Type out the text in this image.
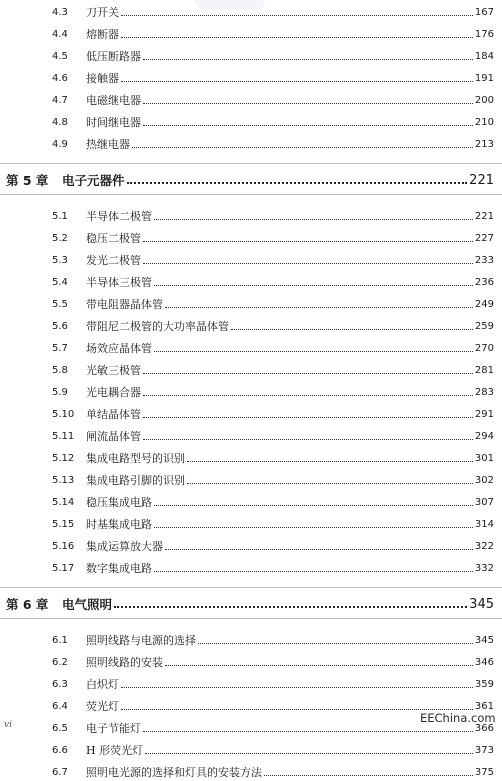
4.3	刀开关	167
4.4	熔断器	176
4.5	低压断路器	184
4.6	接触器	191
4.7	电磁继电器	200
4.8	时间继电器	210
4.9	热继电器	213
第 5 章	电子元器件	221
5.1	半导体二极管	221
5.2	稳压二极管	227
5.3	发光二极管	233
5.4	半导体三极管	236
5.5	带电阻器晶体管	249
5.6	带阻尼二极管的大功率晶体管	259
5.7	场效应晶体管	270
5.8	光敏三极管	281
5.9	光电耦合器	283
5.10	单结晶体管	291
5.11	闸流晶体管	294
5.12	集成电路型号的识别	301
5.13	集成电路引脚的识别	302
5.14	稳压集成电路	307
5.15	时基集成电路	314
5.16	集成运算放大器	322
5.17	数字集成电路	332
第 6 章	电气照明	345
6.1	照明线路与电源的选择	345
6.2	照明线路的安装	346
6.3	白炽灯	359
6.4	荧光灯	361
6.5	电子节能灯	366
6.6	H 形荧光灯	373
6.7	照明电光源的选择和灯具的安装方法	375
vi	EEChina.com
